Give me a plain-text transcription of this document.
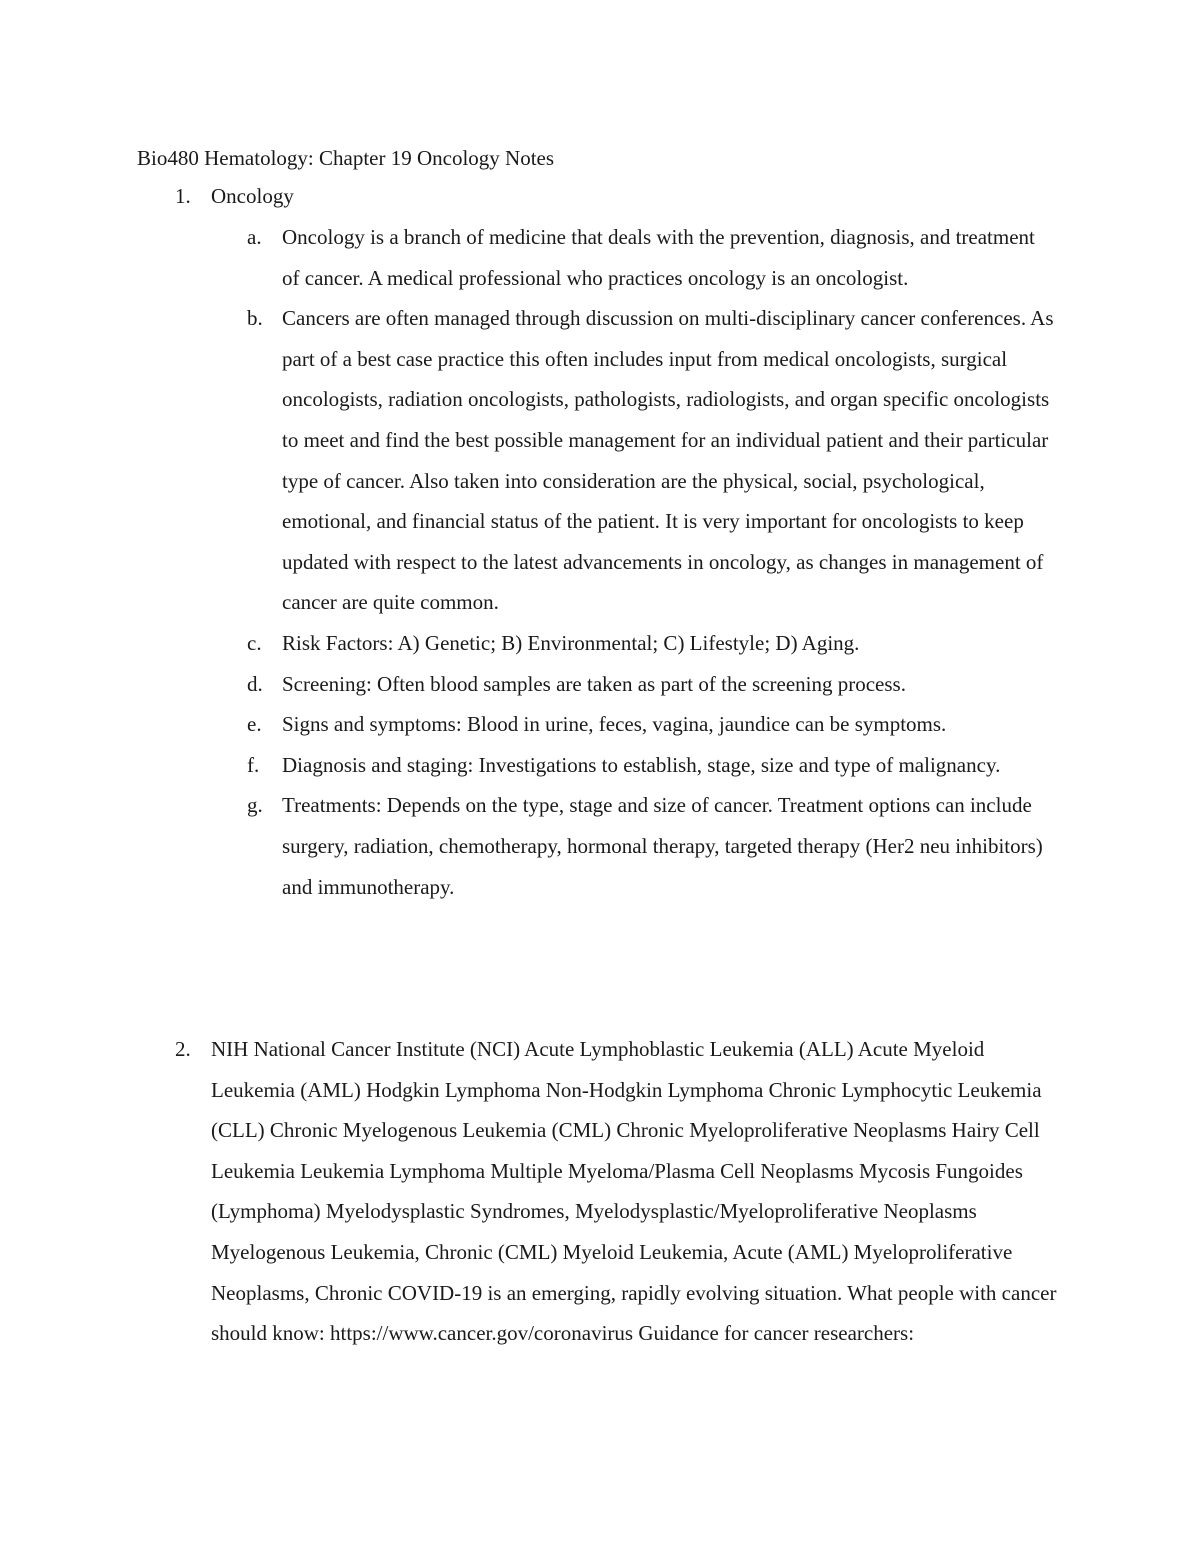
Bio480 Hematology: Chapter 19 Oncology Notes
1. Oncology
a. Oncology is a branch of medicine that deals with the prevention, diagnosis, and treatment of cancer. A medical professional who practices oncology is an oncologist.
b. Cancers are often managed through discussion on multi-disciplinary cancer conferences. As part of a best case practice this often includes input from medical oncologists, surgical oncologists, radiation oncologists, pathologists, radiologists, and organ specific oncologists to meet and find the best possible management for an individual patient and their particular type of cancer. Also taken into consideration are the physical, social, psychological, emotional, and financial status of the patient. It is very important for oncologists to keep updated with respect to the latest advancements in oncology, as changes in management of cancer are quite common.
c. Risk Factors: A) Genetic; B) Environmental; C) Lifestyle; D) Aging.
d. Screening: Often blood samples are taken as part of the screening process.
e. Signs and symptoms: Blood in urine, feces, vagina, jaundice can be symptoms.
f. Diagnosis and staging: Investigations to establish, stage, size and type of malignancy.
g. Treatments: Depends on the type, stage and size of cancer. Treatment options can include surgery, radiation, chemotherapy, hormonal therapy, targeted therapy (Her2 neu inhibitors) and immunotherapy.
2. NIH National Cancer Institute (NCI) Acute Lymphoblastic Leukemia (ALL) Acute Myeloid Leukemia (AML) Hodgkin Lymphoma Non-Hodgkin Lymphoma Chronic Lymphocytic Leukemia (CLL) Chronic Myelogenous Leukemia (CML) Chronic Myeloproliferative Neoplasms Hairy Cell Leukemia Leukemia Lymphoma Multiple Myeloma/Plasma Cell Neoplasms Mycosis Fungoides (Lymphoma) Myelodysplastic Syndromes, Myelodysplastic/Myeloproliferative Neoplasms Myelogenous Leukemia, Chronic (CML) Myeloid Leukemia, Acute (AML) Myeloproliferative Neoplasms, Chronic COVID-19 is an emerging, rapidly evolving situation. What people with cancer should know: https://www.cancer.gov/coronavirus Guidance for cancer researchers:
